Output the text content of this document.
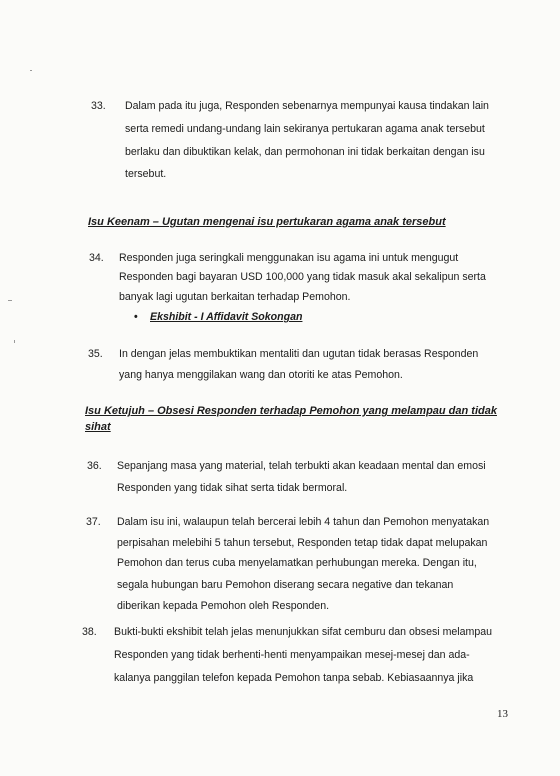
33. Dalam pada itu juga, Responden sebenarnya mempunyai kausa tindakan lain
serta remedi undang-undang lain sekiranya pertukaran agama anak tersebut
berlaku dan dibuktikan kelak, dan permohonan ini tidak berkaitan dengan isu
tersebut.
Isu Keenam – Ugutan mengenai isu pertukaran agama anak tersebut
34. Responden juga seringkali menggunakan isu agama ini untuk mengugut
Responden bagi bayaran USD 100,000 yang tidak masuk akal sekalipun serta
banyak lagi ugutan berkaitan terhadap Pemohon.
• Ekshibit - I Affidavit Sokongan
35. In dengan jelas membuktikan mentaliti dan ugutan tidak berasas Responden
yang hanya menggilakan wang dan otoriti ke atas Pemohon.
Isu Ketujuh – Obsesi Responden terhadap Pemohon yang melampau dan tidak
sihat
36. Sepanjang masa yang material, telah terbukti akan keadaan mental dan emosi
Responden yang tidak sihat serta tidak bermoral.
37. Dalam isu ini, walaupun telah bercerai lebih 4 tahun dan Pemohon menyatakan
perpisahan melebihi 5 tahun tersebut, Responden tetap tidak dapat melupakan
Pemohon dan terus cuba menyelamatkan perhubungan mereka. Dengan itu,
segala hubungan baru Pemohon diserang secara negative dan tekanan
diberikan kepada Pemohon oleh Responden.
38. Bukti-bukti ekshibit telah jelas menunjukkan sifat cemburu dan obsesi melampau
Responden yang tidak berhenti-henti menyampaikan mesej-mesej dan ada-
kalanya panggilan telefon kepada Pemohon tanpa sebab. Kebiasaannya jika
13
